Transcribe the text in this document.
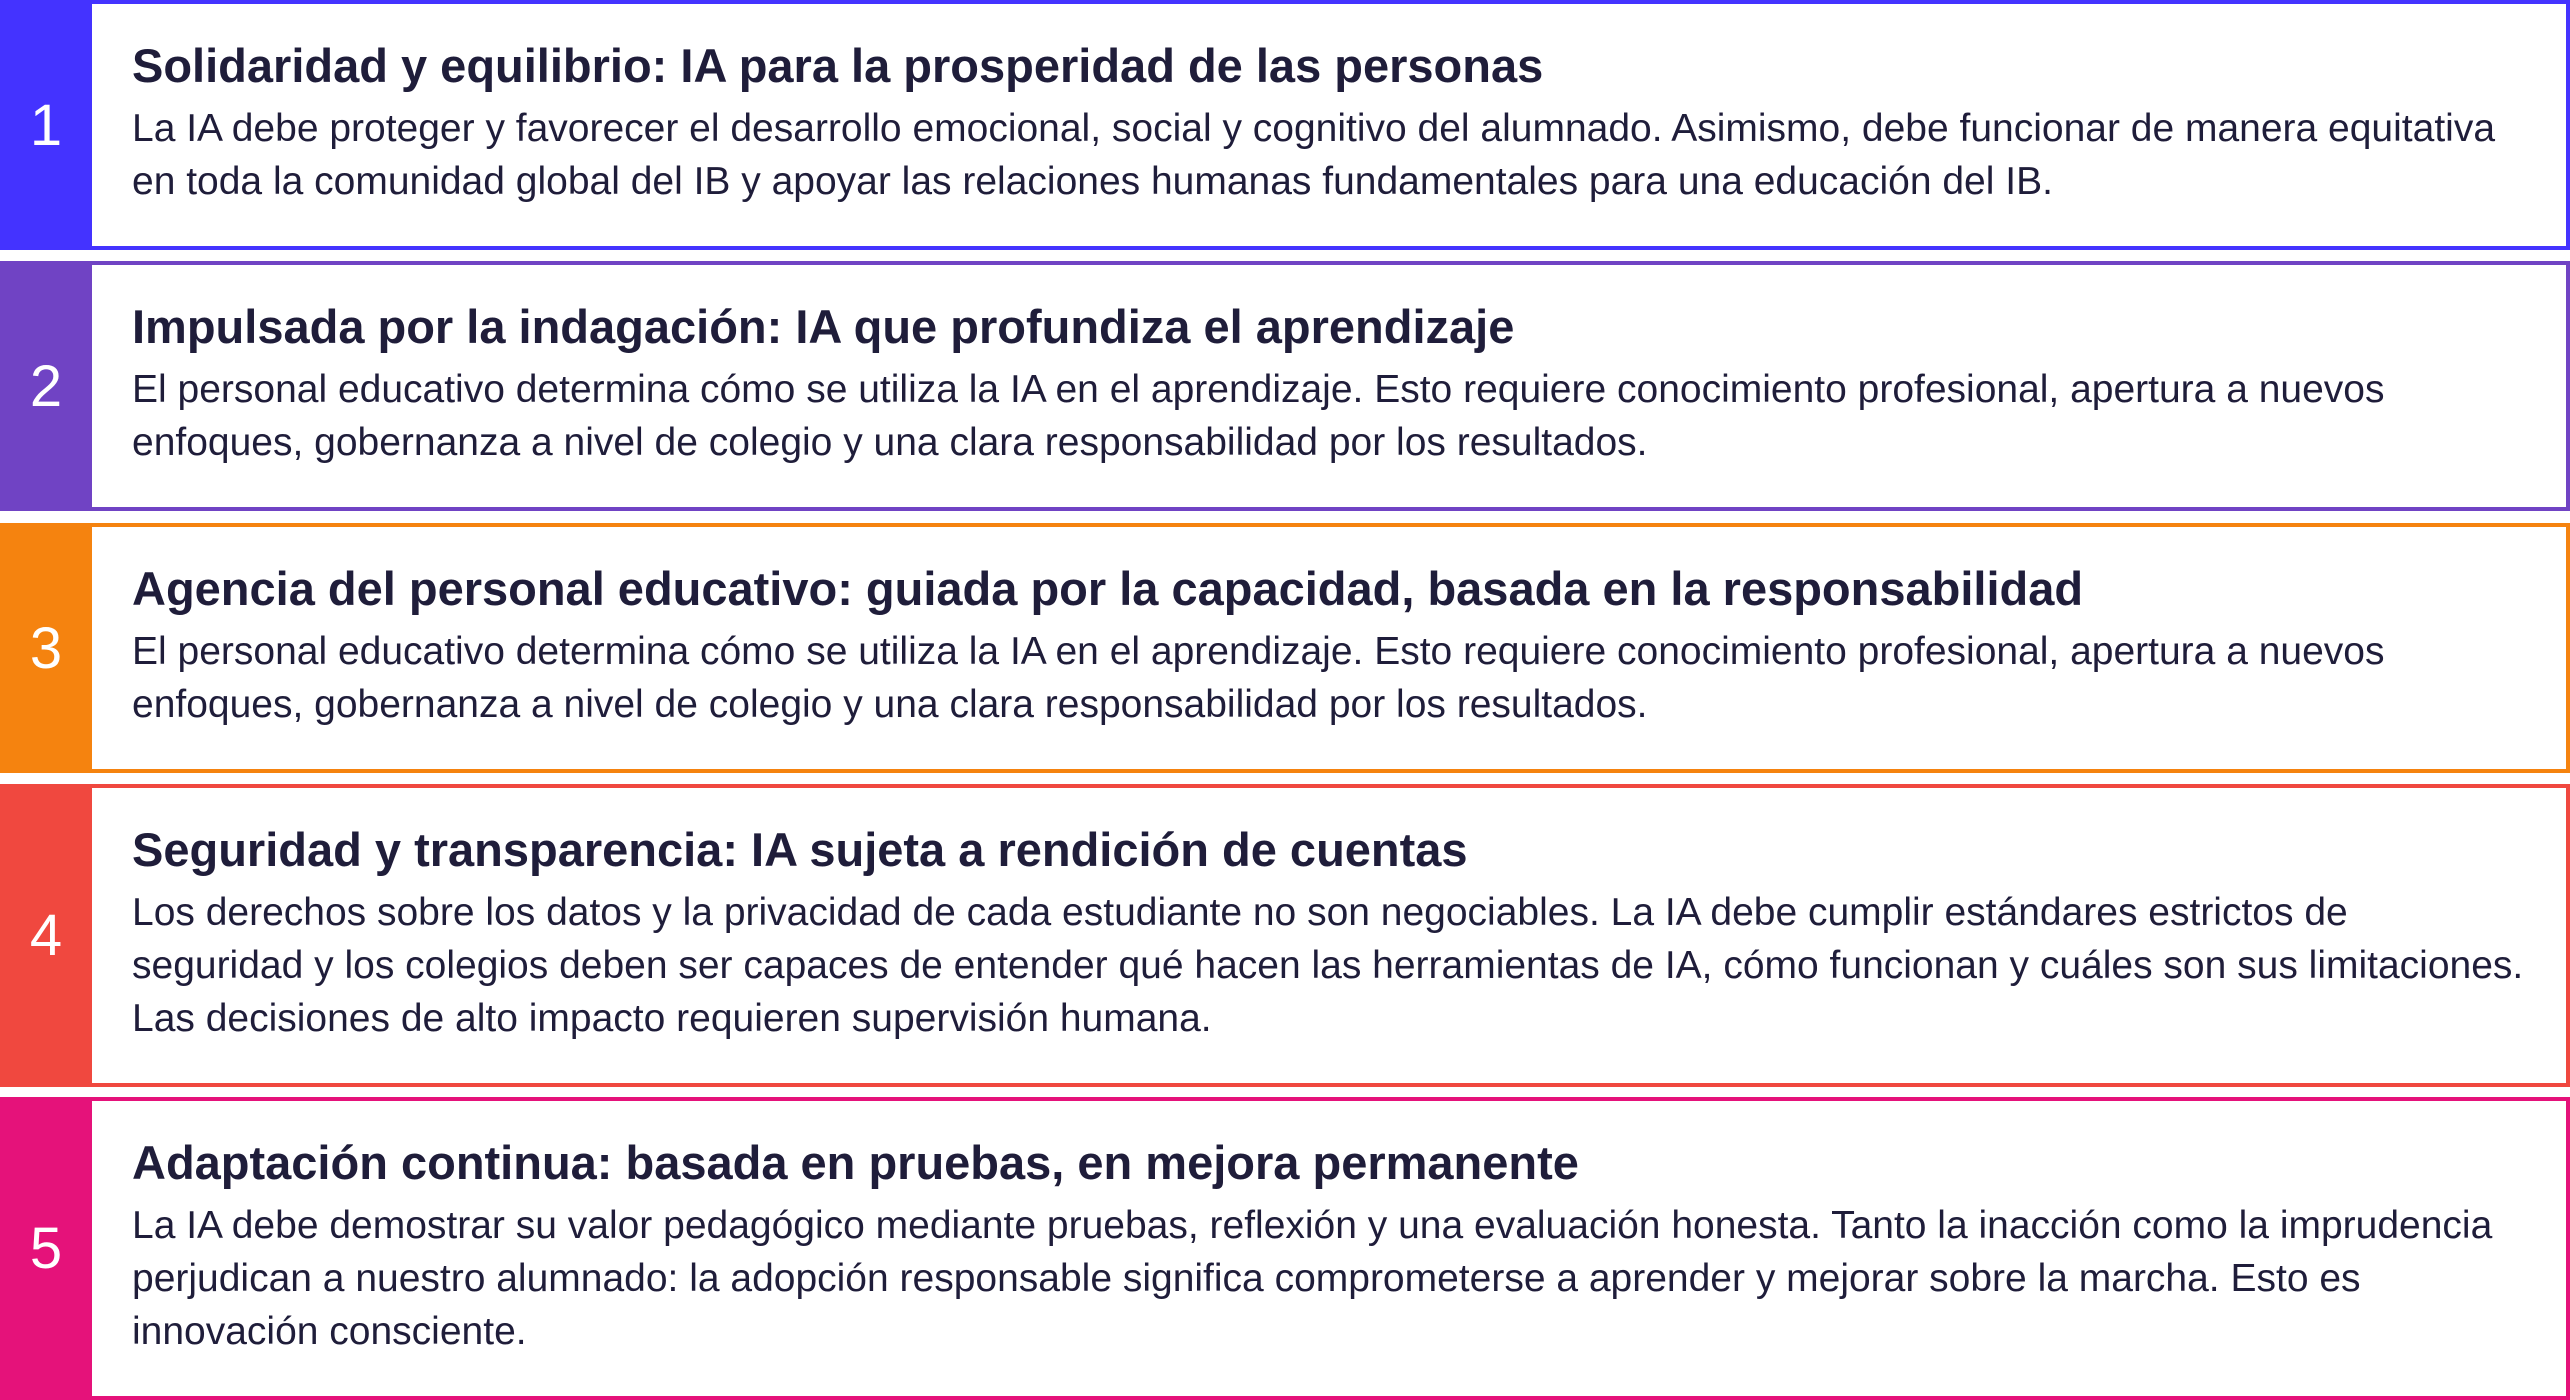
1
Solidaridad y equilibrio: IA para la prosperidad de las personas

La IA debe proteger y favorecer el desarrollo emocional, social y cognitivo del alumnado. Asimismo, debe funcionar de manera equitativa en toda la comunidad global del IB y apoyar las relaciones humanas fundamentales para una educación del IB.

2
Impulsada por la indagación: IA que profundiza el aprendizaje

El personal educativo determina cómo se utiliza la IA en el aprendizaje. Esto requiere conocimiento profesional, apertura a nuevos enfoques, gobernanza a nivel de colegio y una clara responsabilidad por los resultados.

3
Agencia del personal educativo: guiada por la capacidad, basada en la responsabilidad

El personal educativo determina cómo se utiliza la IA en el aprendizaje. Esto requiere conocimiento profesional, apertura a nuevos enfoques, gobernanza a nivel de colegio y una clara responsabilidad por los resultados.

4
Seguridad y transparencia: IA sujeta a rendición de cuentas

Los derechos sobre los datos y la privacidad de cada estudiante no son negociables. La IA debe cumplir estándares estrictos de seguridad y los colegios deben ser capaces de entender qué hacen las herramientas de IA, cómo funcionan y cuáles son sus limitaciones. Las decisiones de alto impacto requieren supervisión humana.

5
Adaptación continua: basada en pruebas, en mejora permanente

La IA debe demostrar su valor pedagógico mediante pruebas, reflexión y una evaluación honesta. Tanto la inacción como la imprudencia perjudican a nuestro alumnado: la adopción responsable significa comprometerse a aprender y mejorar sobre la marcha. Esto es innovación consciente.
